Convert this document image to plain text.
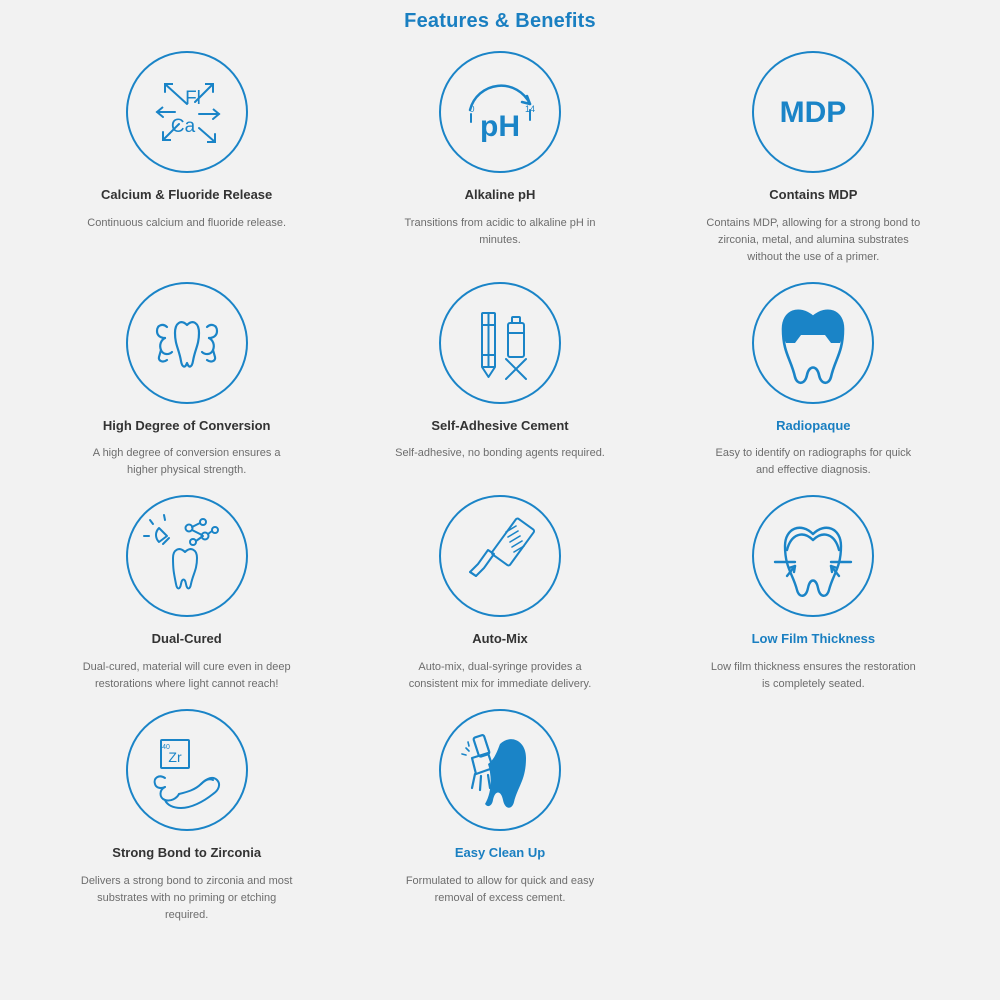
Features & Benefits
Fl
Ca
Calcium & Fluoride Release
Continuous calcium and fluoride release.
0	14
pH
Alkaline pH
Transitions from acidic to alkaline pH in minutes.
MDP
Contains MDP
Contains MDP, allowing for a strong bond to zirconia, metal, and alumina substrates without the use of a primer.
High Degree of Conversion
A high degree of conversion ensures a higher physical strength.
Self-Adhesive Cement
Self-adhesive, no bonding agents required.
Radiopaque
Easy to identify on radiographs for quick and effective diagnosis.
Dual-Cured
Dual-cured, material will cure even in deep restorations where light cannot reach!
Auto-Mix
Auto-mix, dual-syringe provides a consistent mix for immediate delivery.
Low Film Thickness
Low film thickness ensures the restoration is completely seated.
Zr
40
Strong Bond to Zirconia
Delivers a strong bond to zirconia and most substrates with no priming or etching required.
Easy Clean Up
Formulated to allow for quick and easy removal of excess cement.
